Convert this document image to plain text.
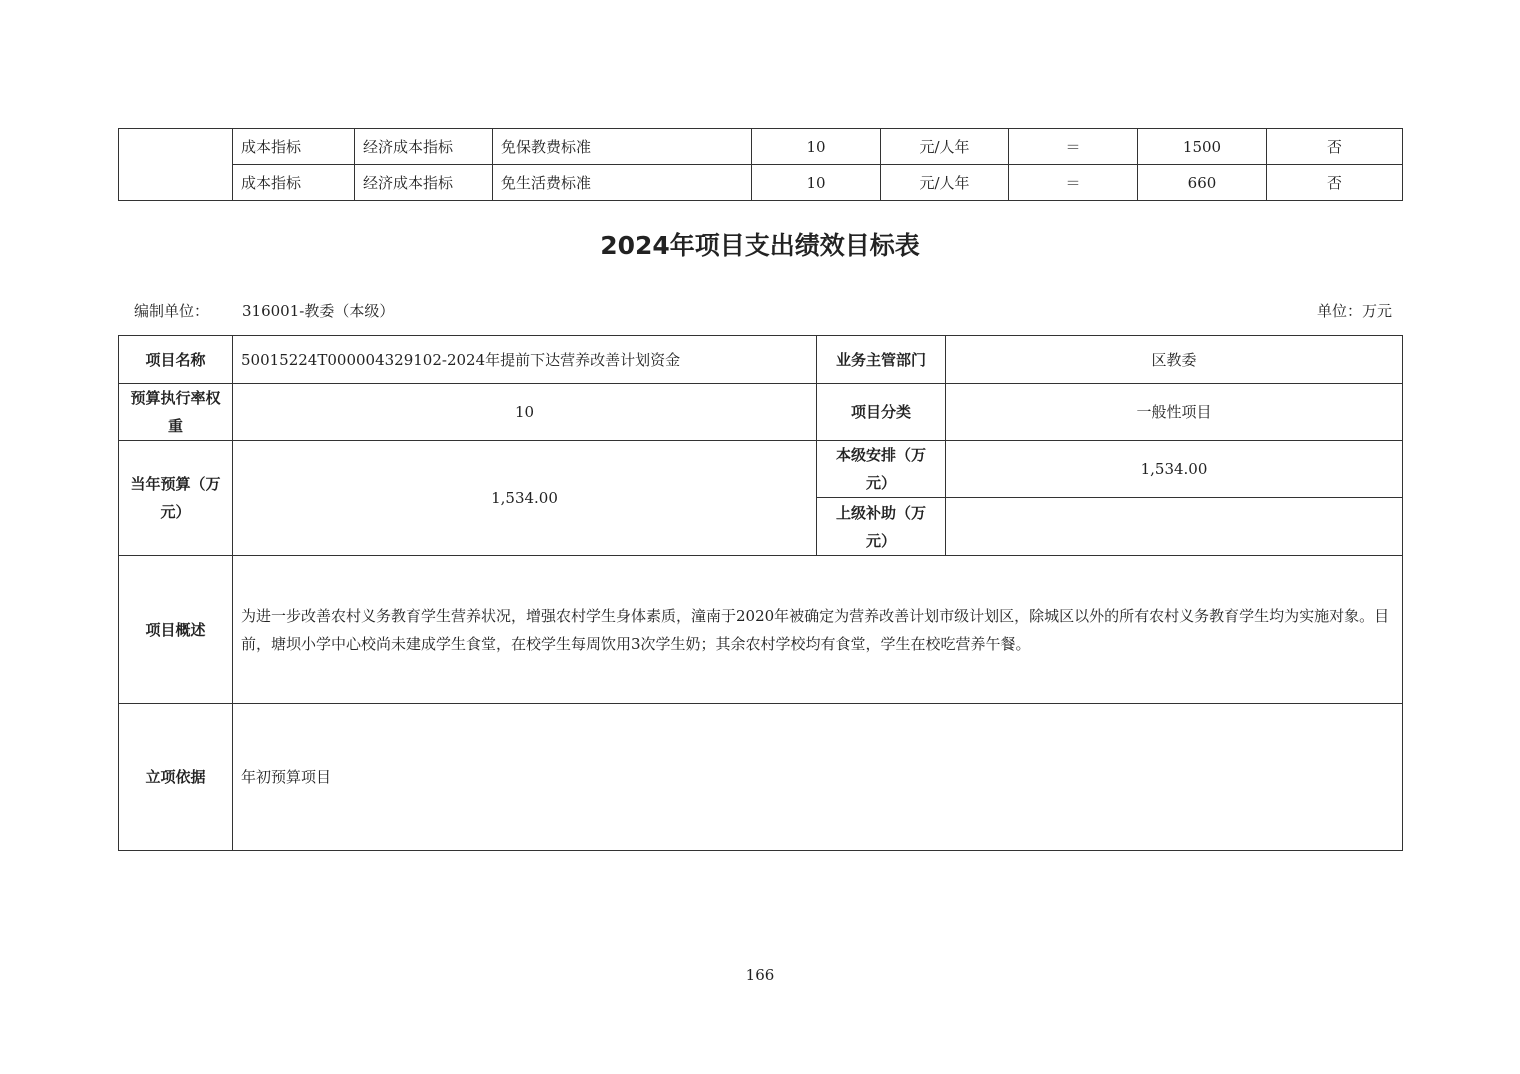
	成本指标	经济成本指标	免保教费标准	10	元/人年	＝	1500	否
	成本指标	经济成本指标	免生活费标准	10	元/人年	＝	660	否
2024年项目支出绩效目标表
编制单位： 316001-教委（本级）	单位：万元
项目名称	50015224T000004329102-2024年提前下达营养改善计划资金	业务主管部门	区教委
预算执行率权重	10	项目分类	一般性项目
当年预算（万元）	1,534.00	本级安排（万元）	1,534.00
		上级补助（万元）	
项目概述	为进一步改善农村义务教育学生营养状况，增强农村学生身体素质，潼南于2020年被确定为营养改善计划市级计划区，除城区以外的所有农村义务教育学生均为实施对象。目前，塘坝小学中心校尚未建成学生食堂，在校学生每周饮用3次学生奶；其余农村学校均有食堂，学生在校吃营养午餐。		
立项依据	年初预算项目		
166
